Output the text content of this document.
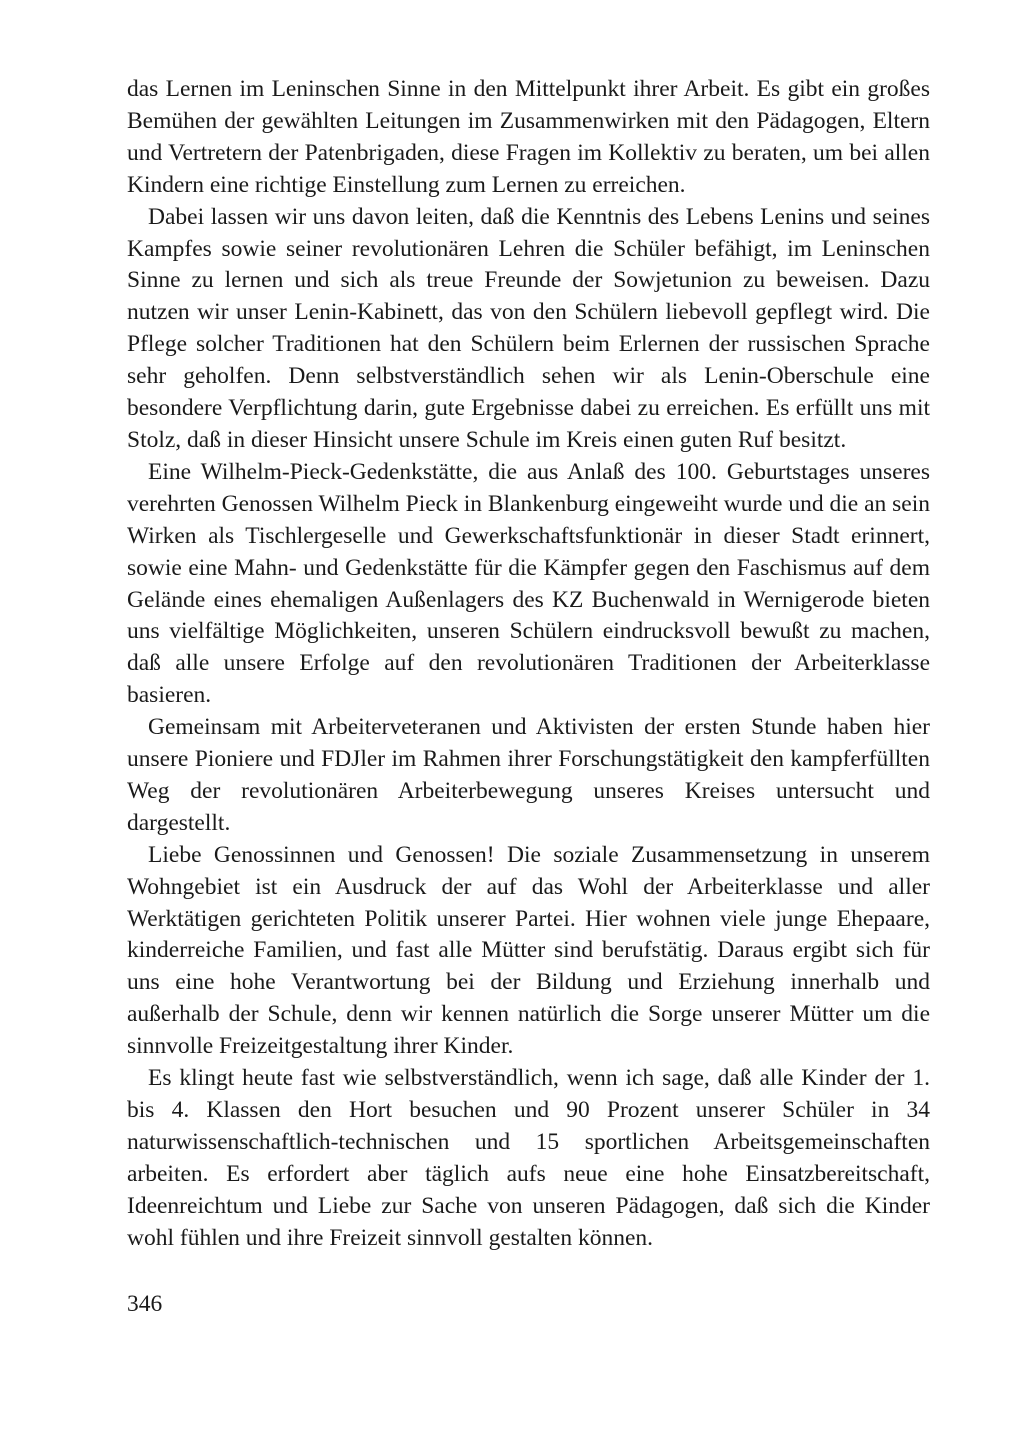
das Lernen im Leninschen Sinne in den Mittelpunkt ihrer Arbeit. Es gibt ein großes Bemühen der gewählten Leitungen im Zusammenwirken mit den Pädagogen, Eltern und Vertretern der Patenbrigaden, diese Fragen im Kollektiv zu beraten, um bei allen Kindern eine richtige Einstellung zum Lernen zu erreichen.

Dabei lassen wir uns davon leiten, daß die Kenntnis des Lebens Lenins und seines Kampfes sowie seiner revolutionären Lehren die Schüler befähigt, im Leninschen Sinne zu lernen und sich als treue Freunde der Sowjetunion zu beweisen. Dazu nutzen wir unser Lenin-Kabinett, das von den Schülern liebevoll gepflegt wird. Die Pflege solcher Traditionen hat den Schülern beim Erlernen der russischen Sprache sehr geholfen. Denn selbstverständlich sehen wir als Lenin-Oberschule eine besondere Verpflichtung darin, gute Ergebnisse dabei zu erreichen. Es erfüllt uns mit Stolz, daß in dieser Hinsicht unsere Schule im Kreis einen guten Ruf besitzt.

Eine Wilhelm-Pieck-Gedenkstätte, die aus Anlaß des 100. Geburtstages unseres verehrten Genossen Wilhelm Pieck in Blankenburg eingeweiht wurde und die an sein Wirken als Tischlergeselle und Gewerkschaftsfunktionär in dieser Stadt erinnert, sowie eine Mahn- und Gedenkstätte für die Kämpfer gegen den Faschismus auf dem Gelände eines ehemaligen Außenlagers des KZ Buchenwald in Wernigerode bieten uns vielfältige Möglichkeiten, unseren Schülern eindrucksvoll bewußt zu machen, daß alle unsere Erfolge auf den revolutionären Traditionen der Arbeiterklasse basieren.

Gemeinsam mit Arbeiterveteranen und Aktivisten der ersten Stunde haben hier unsere Pioniere und FDJler im Rahmen ihrer Forschungstätigkeit den kampferfüllten Weg der revolutionären Arbeiterbewegung unseres Kreises untersucht und dargestellt.

Liebe Genossinnen und Genossen! Die soziale Zusammensetzung in unserem Wohngebiet ist ein Ausdruck der auf das Wohl der Arbeiterklasse und aller Werktätigen gerichteten Politik unserer Partei. Hier wohnen viele junge Ehepaare, kinderreiche Familien, und fast alle Mütter sind berufstätig. Daraus ergibt sich für uns eine hohe Verantwortung bei der Bildung und Erziehung innerhalb und außerhalb der Schule, denn wir kennen natürlich die Sorge unserer Mütter um die sinnvolle Freizeitgestaltung ihrer Kinder.

Es klingt heute fast wie selbstverständlich, wenn ich sage, daß alle Kinder der 1. bis 4. Klassen den Hort besuchen und 90 Prozent unserer Schüler in 34 naturwissenschaftlich-technischen und 15 sportlichen Arbeitsgemeinschaften arbeiten. Es erfordert aber täglich aufs neue eine hohe Einsatzbereitschaft, Ideenreichtum und Liebe zur Sache von unseren Pädagogen, daß sich die Kinder wohl fühlen und ihre Freizeit sinnvoll gestalten können.

346
